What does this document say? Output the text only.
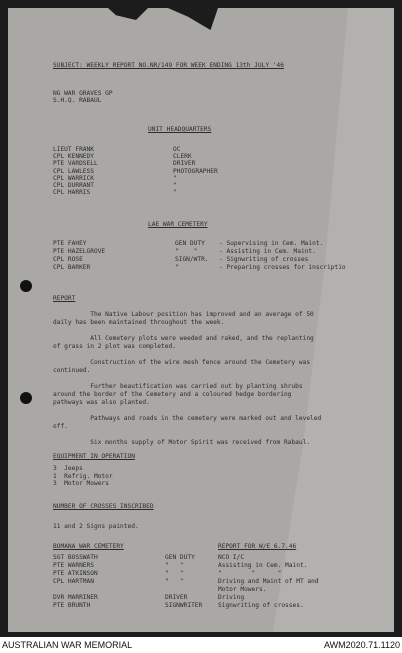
SUBJECT: WEEKLY REPORT NO.NR/149 FOR WEEK ENDING 13th JULY '46
NG WAR GRAVES GP
S.H.Q. RABAUL
UNIT HEADQUARTERS
LIEUT FRANK	OC
CPL KENNEDY	CLERK
PTE VARDSELL	DRIVER
CPL LAWLESS	PHOTOGRAPHER
CPL WARRICK	"
CPL DURRANT	"
CPL HARRIS	"
LAE WAR CEMETERY
PTE FAHEY	GEN DUTY - Supervising in Cem. Maint.
PTE HAZELGROVE	"    "	- Assisting in Cem. Maint.
CPL ROSE	SIGN/WTR. - Signwriting of crosses
CPL BARKER	"	- Preparing crosses for inscriptio
REPORT
The Native Labour position has improved and an average of 50
daily has been maintained throughout the week.
All Cemetery plots were weeded and raked, and the replanting
of grass in 2 plot was completed.
Construction of the wire mesh fence around the Cemetery was
continued.
Further beautification was carried out by planting shrubs
around the border of the Cemetery and a coloured hedge bordering
pathways was also planted.
Pathways and roads in the cemetery were marked out and leveled
off.
Six months supply of Motor Spirit was received from Rabaul.
EQUIPMENT IN OPERATION
3  Jeeps
1  Refrig. Motor
3  Motor Mowers
NUMBER OF CROSSES INSCRIBED
11 and 2 Signs painted.
BOMANA WAR CEMETERY	REPORT FOR W/E 6.7.46
SGT BOSSWATH	GEN DUTY	NCO I/C
PTE WARNERS	"   "	Assisting in Cem. Maint.
PTE ATKINSON	"   "	"        "      "
CPL HARTMAN	"   "	Driving and Maint of MT and
Motor Mowers.
DVR MARRINER	DRIVER	Driving
PTE BRUNTH	SIGNWRITER	Signwriting of crosses.
AUSTRALIAN WAR MEMORIAL	AWM2020.71.1120
